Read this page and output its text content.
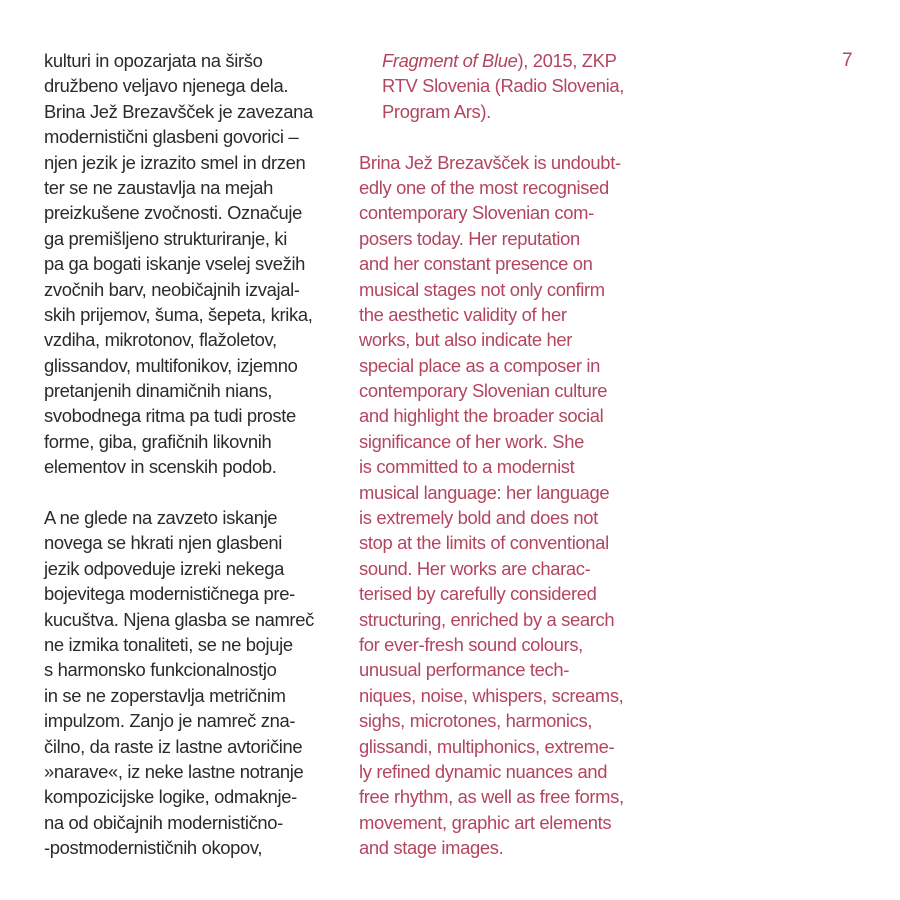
kulturi in opozarjata na širšo
družbeno veljavo njenega dela.
Brina Jež Brezavšček je zavezana
modernistični glasbeni govorici –
njen jezik je izrazito smel in drzen
ter se ne zaustavlja na mejah
preizkušene zvočnosti. Označuje
ga premišljeno strukturiranje, ki
pa ga bogati iskanje vselej svežih
zvočnih barv, neobičajnih izvajal-
skih prijemov, šuma, šepeta, krika,
vzdiha, mikrotonov, flažoletov,
glissandov, multifonikov, izjemno
pretanjenih dinamičnih nians,
svobodnega ritma pa tudi proste
forme, giba, grafičnih likovnih
elementov in scenskih podob.
A ne glede na zavzeto iskanje
novega se hkrati njen glasbeni
jezik odpoveduje izreki nekega
bojevitega modernističnega pre-
kucuštva. Njena glasba se namreč
ne izmika tonaliteti, se ne bojuje
s harmonsko funkcionalnostjo
in se ne zoperstavlja metričnim
impulzom. Zanjo je namreč zna-
čilno, da raste iz lastne avtoričine
»narave«, iz neke lastne notranje
kompozicijske logike, odmaknje-
na od običajnih modernistično-
-postmodernističnih okopov,
Fragment of Blue), 2015, ZKP
RTV Slovenia (Radio Slovenia,
Program Ars).
Brina Jež Brezavšček is undoubt-
edly one of the most recognised
contemporary Slovenian com-
posers today. Her reputation
and her constant presence on
musical stages not only confirm
the aesthetic validity of her
works, but also indicate her
special place as a composer in
contemporary Slovenian culture
and highlight the broader social
significance of her work. She
is committed to a modernist
musical language: her language
is extremely bold and does not
stop at the limits of conventional
sound. Her works are charac-
terised by carefully considered
structuring, enriched by a search
for ever-fresh sound colours,
unusual performance tech-
niques, noise, whispers, screams,
sighs, microtones, harmonics,
glissandi, multiphonics, extreme-
ly refined dynamic nuances and
free rhythm, as well as free forms,
movement, graphic art elements
and stage images.
7
